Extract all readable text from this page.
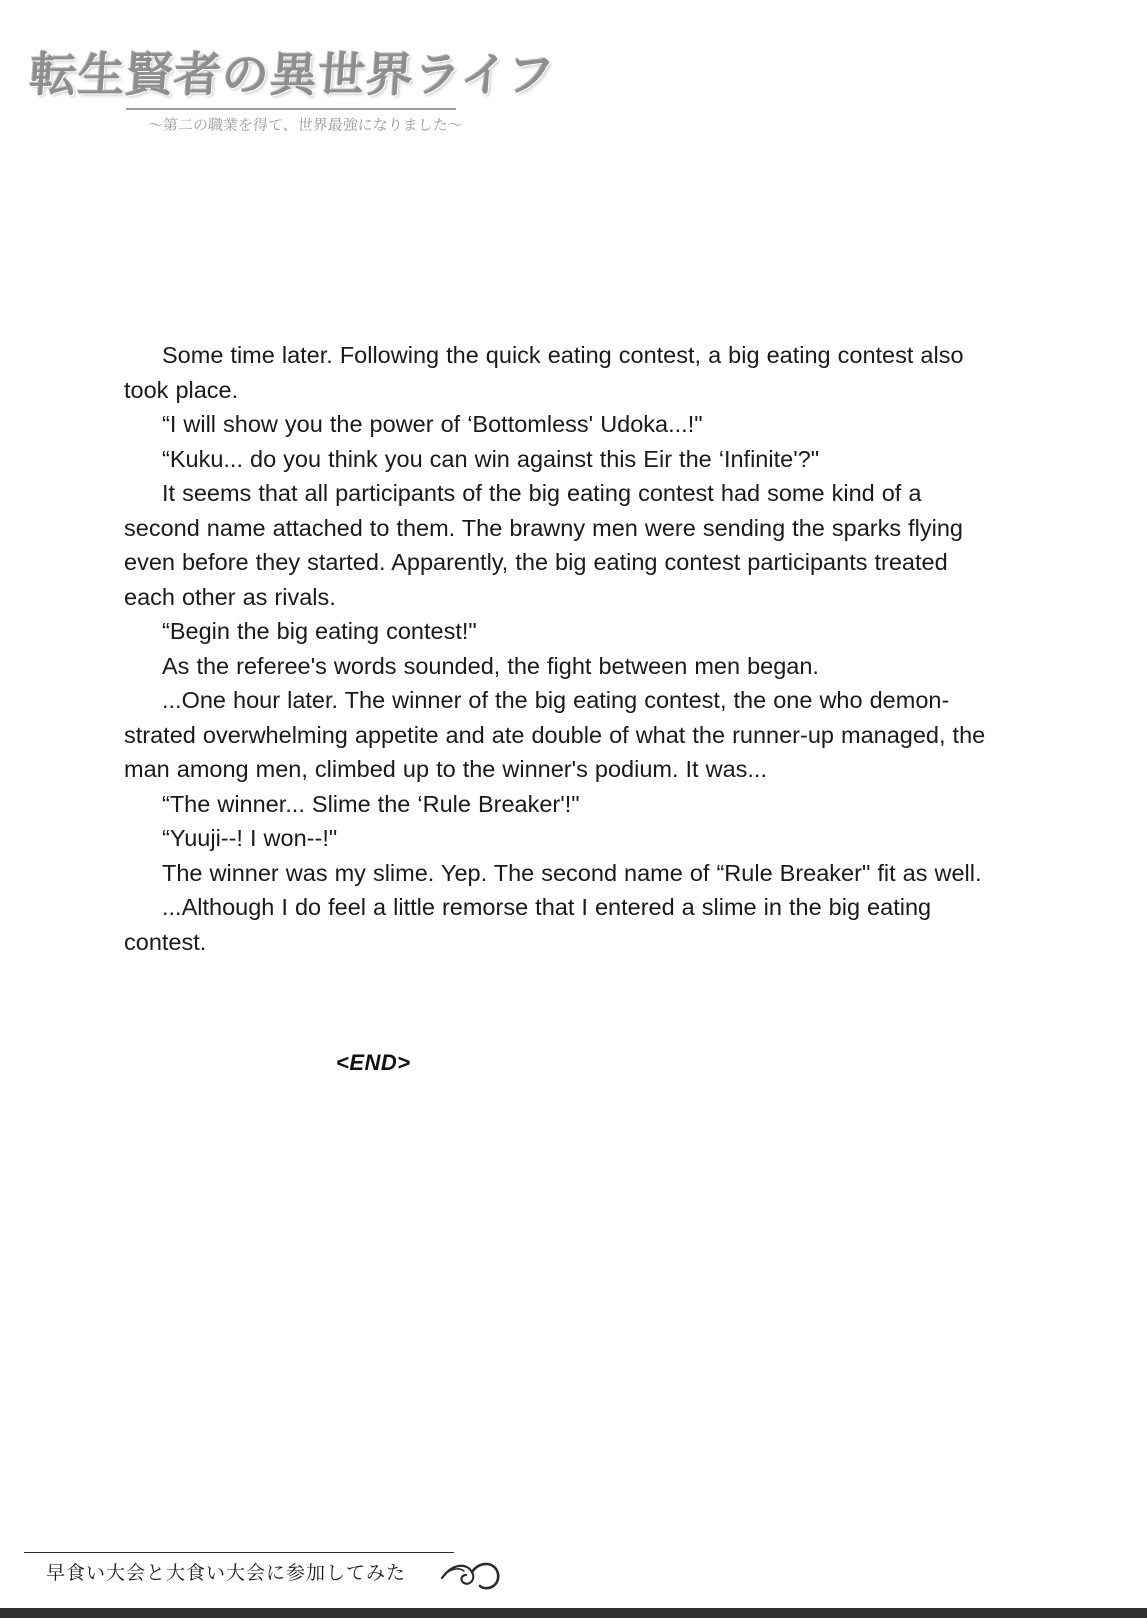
転生賢者の異世界ライフ
～第二の職業を得て、世界最強になりました～

Some time later. Following the quick eating contest, a big eating contest also took place.

“I will show you the power of ‘Bottomless' Udoka...!"

“Kuku... do you think you can win against this Eir the ‘Infinite'?"

It seems that all participants of the big eating contest had some kind of a second name attached to them. The brawny men were sending the sparks flying even before they started. Apparently, the big eating contest participants treated each other as rivals.

“Begin the big eating contest!"

As the referee's words sounded, the fight between men began.

...One hour later. The winner of the big eating contest, the one who demon-strated overwhelming appetite and ate double of what the runner-up managed, the man among men, climbed up to the winner's podium. It was...

“The winner... Slime the ‘Rule Breaker'!"

“Yuuji--! I won--!"

The winner was my slime. Yep. The second name of “Rule Breaker" fit as well.

...Although I do feel a little remorse that I entered a slime in the big eating contest.

<END>
早食い大会と大食い大会に参加してみた
